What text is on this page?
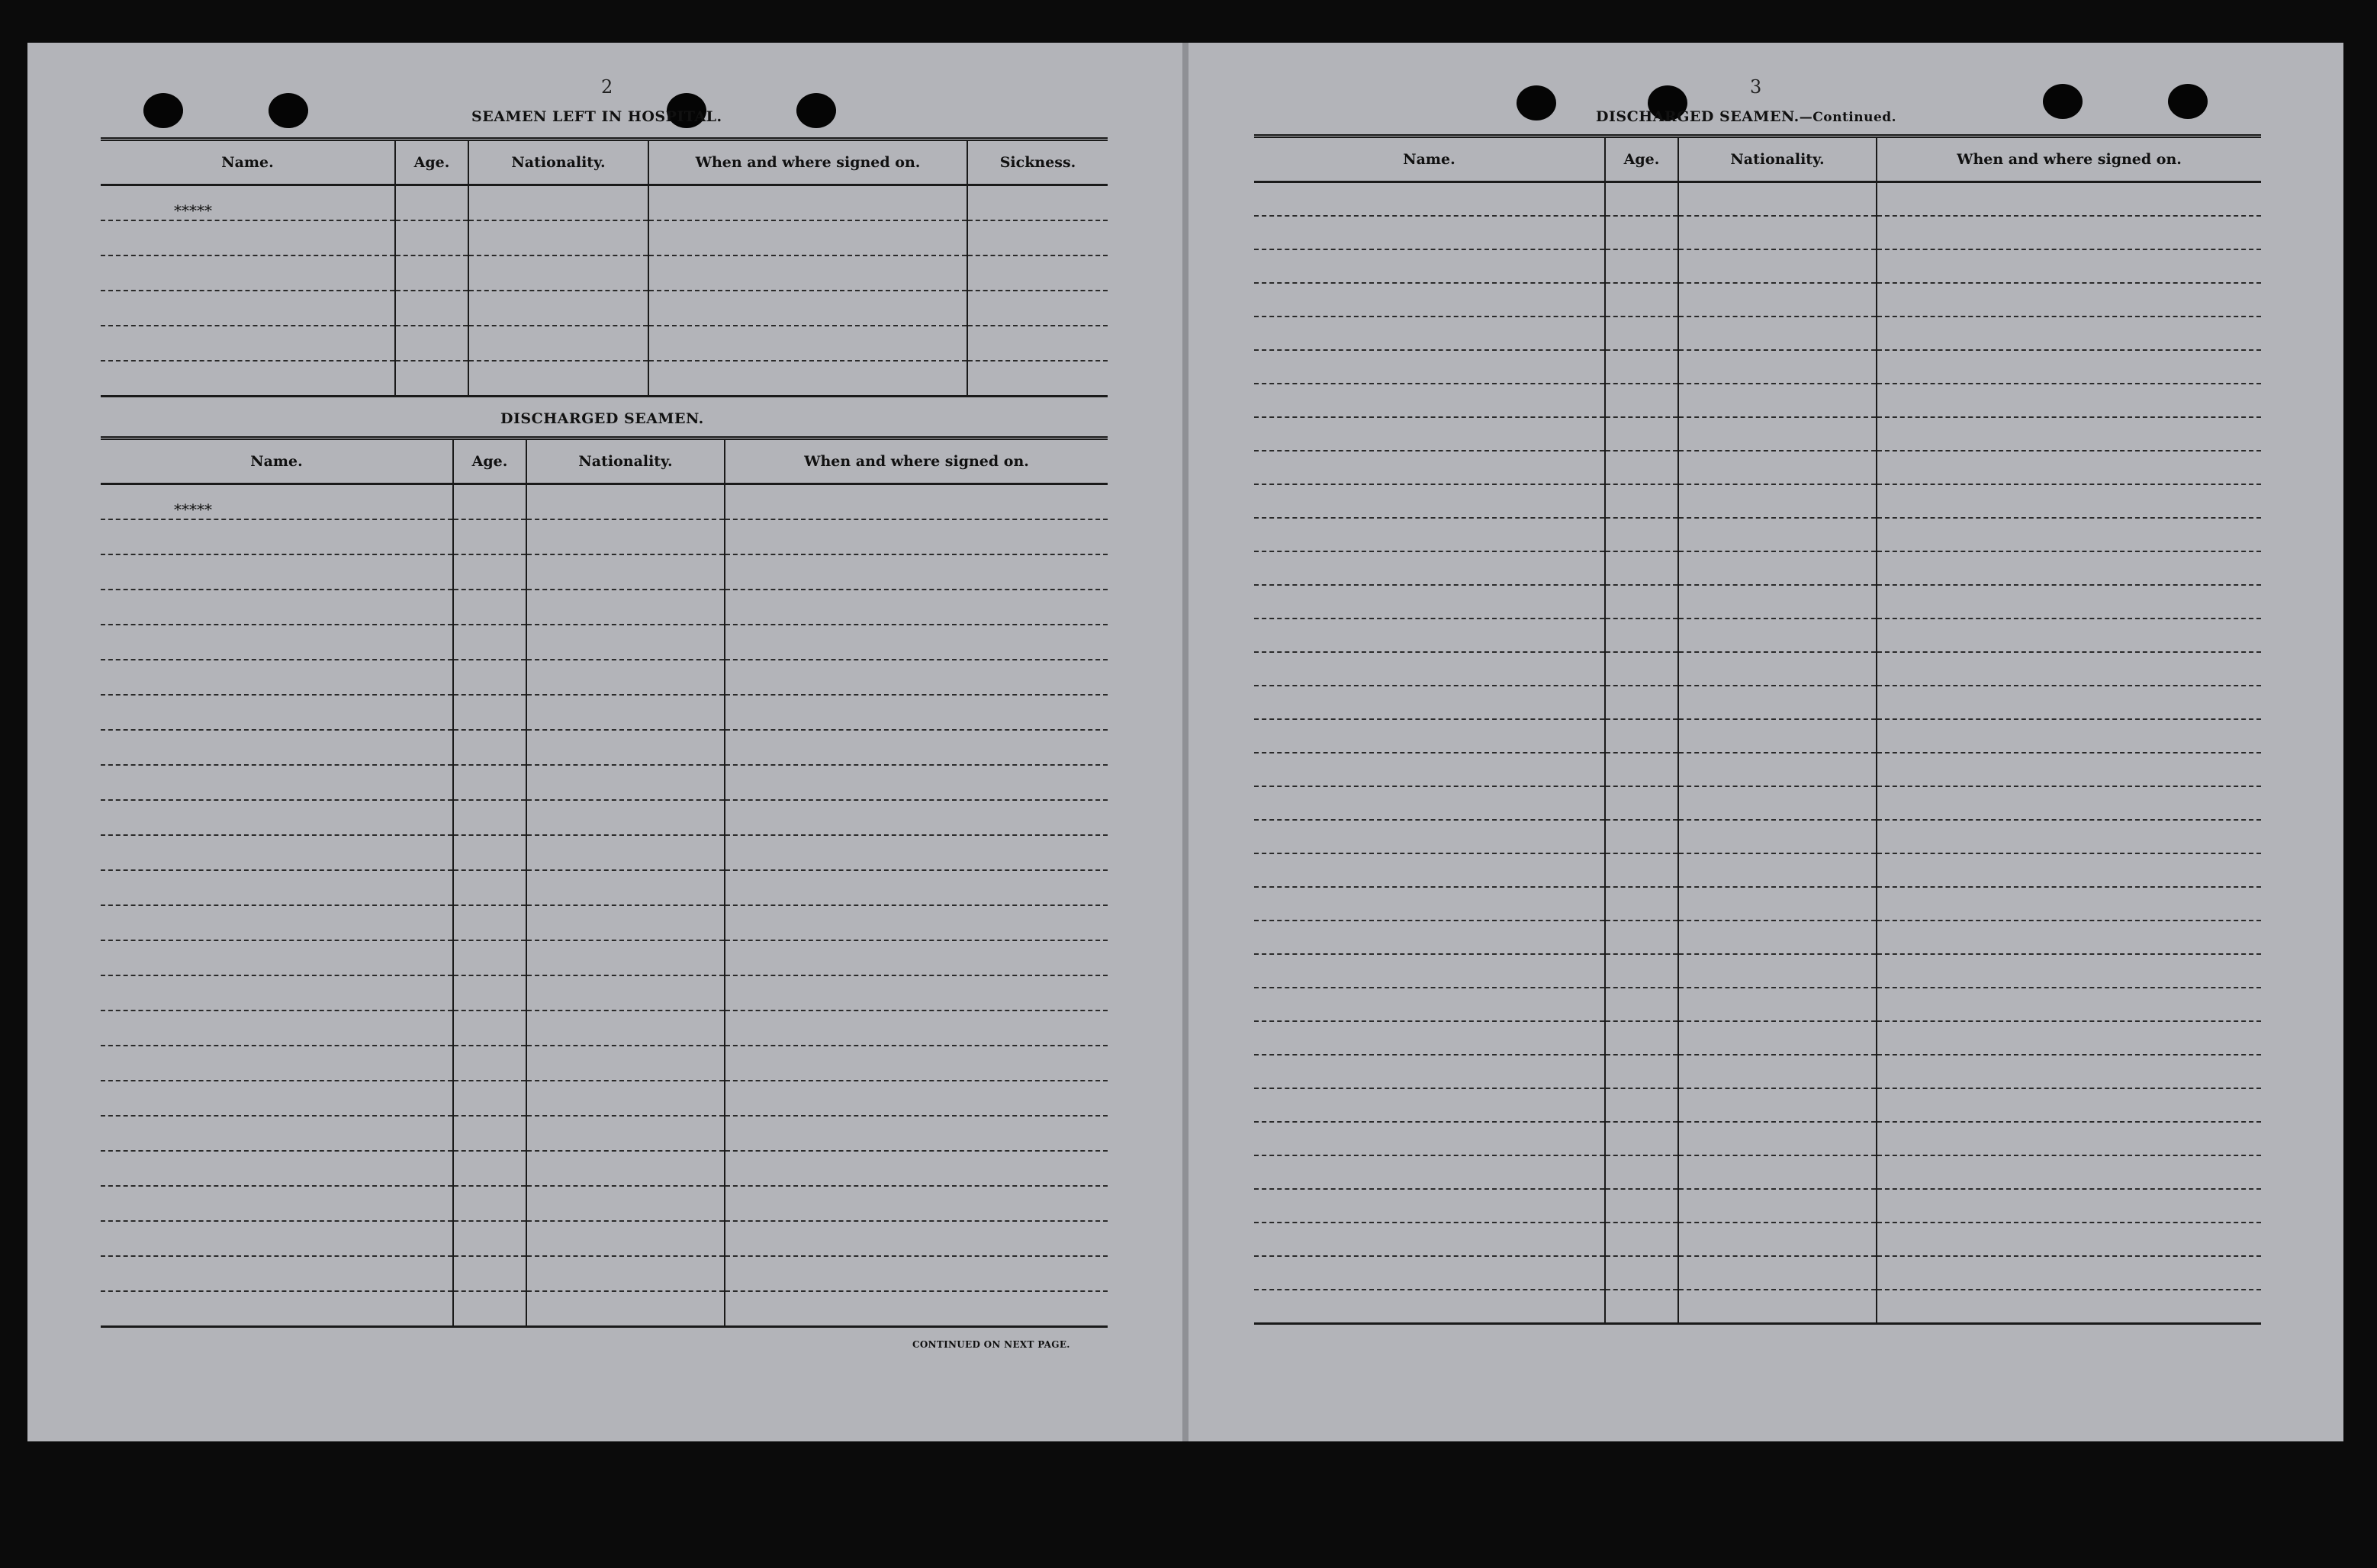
2
SEAMEN LEFT IN HOSPITAL.
Name.	Age.	Nationality.	When and where signed on.	Sickness.
*****				

DISCHARGED SEAMEN.
Name.	Age.	Nationality.	When and where signed on.
*****			

CONTINUED ON NEXT PAGE.
3
DISCHARGED SEAMEN.—Continued.
Name.	Age.	Nationality.	When and where signed on.
